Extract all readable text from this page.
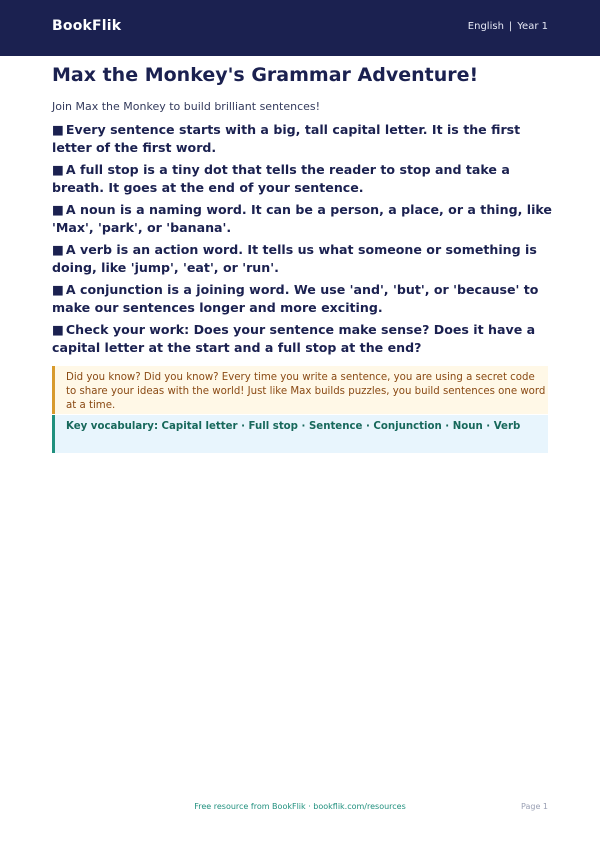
BookFlik	English | Year 1
Max the Monkey's Grammar Adventure!

Join Max the Monkey to build brilliant sentences!

■ Every sentence starts with a big, tall capital letter. It is the first letter of the first word.

■ A full stop is a tiny dot that tells the reader to stop and take a breath. It goes at the end of your sentence.

■ A noun is a naming word. It can be a person, a place, or a thing, like 'Max', 'park', or 'banana'.

■ A verb is an action word. It tells us what someone or something is doing, like 'jump', 'eat', or 'run'.

■ A conjunction is a joining word. We use 'and', 'but', or 'because' to make our sentences longer and more exciting.

■ Check your work: Does your sentence make sense? Does it have a capital letter at the start and a full stop at the end?

Did you know? Did you know? Every time you write a sentence, you are using a secret code to share your ideas with the world! Just like Max builds puzzles, you build sentences one word at a time.
Key vocabulary: Capital letter · Full stop · Sentence · Conjunction · Noun · Verb
Free resource from BookFlik · bookflik.com/resources	Page 1
